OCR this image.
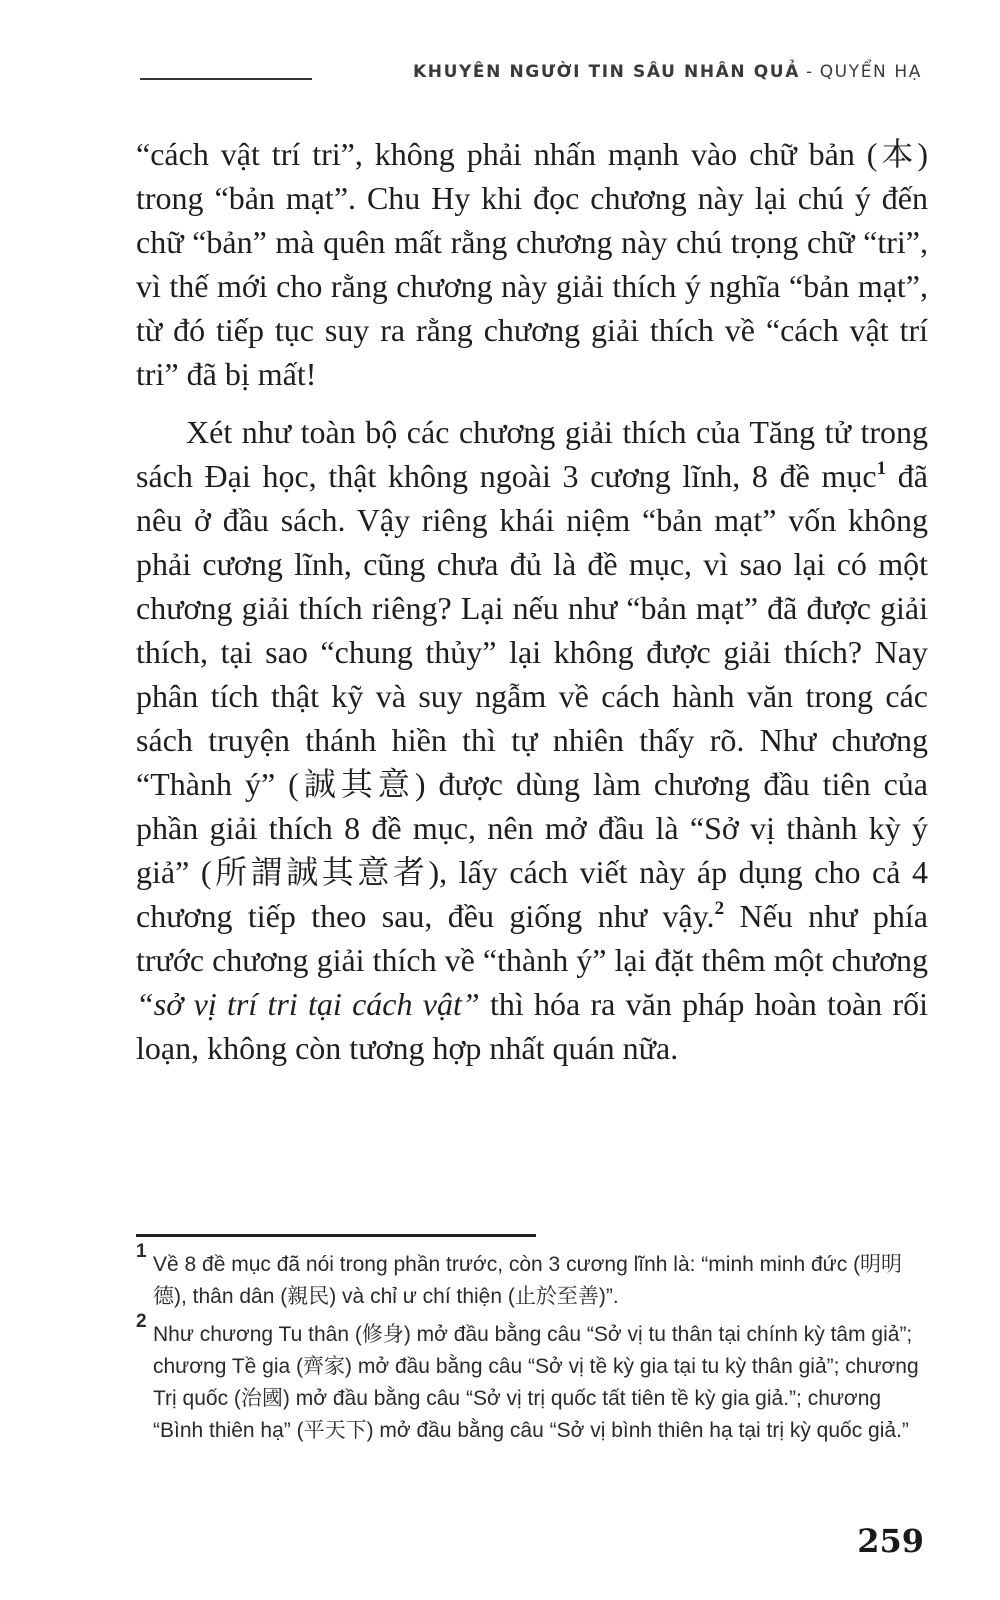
KHUYÊN NGƯỜI TIN SÂU NHÂN QUẢ - QUYỂN HẠ

“cách vật trí tri”, không phải nhấn mạnh vào chữ bản (本) trong “bản mạt”. Chu Hy khi đọc chương này lại chú ý đến chữ “bản” mà quên mất rằng chương này chú trọng chữ “tri”, vì thế mới cho rằng chương này giải thích ý nghĩa “bản mạt”, từ đó tiếp tục suy ra rằng chương giải thích về “cách vật trí tri” đã bị mất!

Xét như toàn bộ các chương giải thích của Tăng tử trong sách Đại học, thật không ngoài 3 cương lĩnh, 8 đề mục$^1$ đã nêu ở đầu sách. Vậy riêng khái niệm “bản mạt” vốn không phải cương lĩnh, cũng chưa đủ là đề mục, vì sao lại có một chương giải thích riêng? Lại nếu như “bản mạt” đã được giải thích, tại sao “chung thủy” lại không được giải thích? Nay phân tích thật kỹ và suy ngẫm về cách hành văn trong các sách truyện thánh hiền thì tự nhiên thấy rõ. Như chương “Thành ý” (誠其意) được dùng làm chương đầu tiên của phần giải thích 8 đề mục, nên mở đầu là “Sở vị thành kỳ ý giả” (所謂誠其意者), lấy cách viết này áp dụng cho cả 4 chương tiếp theo sau, đều giống như vậy.$^2$ Nếu như phía trước chương giải thích về “thành ý” lại đặt thêm một chương “sở vị trí tri tại cách vật” thì hóa ra văn pháp hoàn toàn rối loạn, không còn tương hợp nhất quán nữa.

1
Về 8 đề mục đã nói trong phần trước, còn 3 cương lĩnh là: “minh minh đức (明明德), thân dân (親民) và chỉ ư chí thiện (止於至善)”.

2
Như chương Tu thân (修身) mở đầu bằng câu “Sở vị tu thân tại chính kỳ tâm giả”; chương Tề gia (齊家) mở đầu bằng câu “Sở vị tề kỳ gia tại tu kỳ thân giả”; chương Trị quốc (治國) mở đầu bằng câu “Sở vị trị quốc tất tiên tề kỳ gia giả.”; chương “Bình thiên hạ” (平天下) mở đầu bằng câu “Sở vị bình thiên hạ tại trị kỳ quốc giả.”

259
